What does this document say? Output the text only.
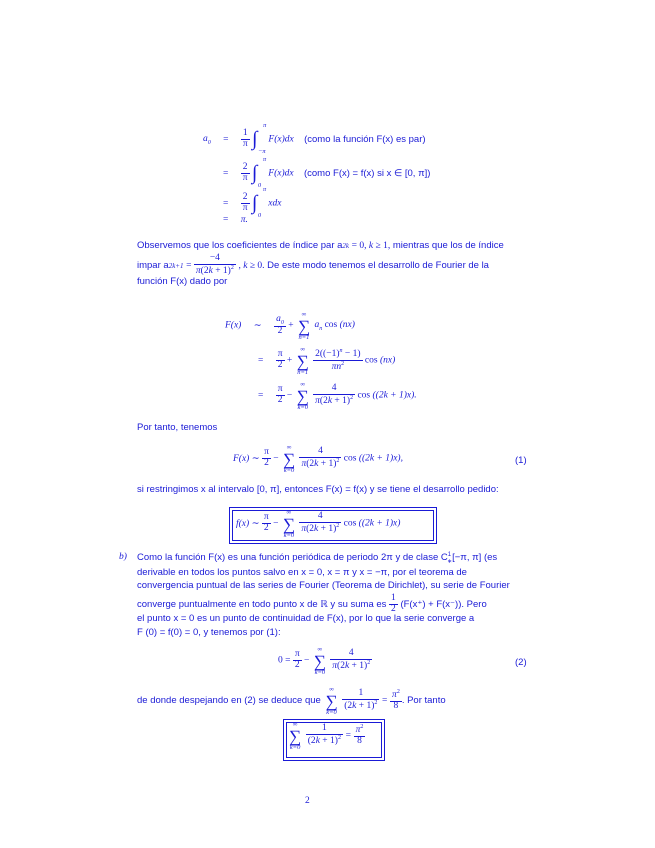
$a_0 = \frac{1}{\pi}$ ∫
π
−π
F(x)dx (como la función F(x) es par)
= $\frac{2}{\pi}$ ∫
π
0
F(x)dx (como F(x) = f(x) si x ∈ [0, π])
= $\frac{2}{\pi}$ ∫
π
0
xdx
= π.
Observemos que los coeficientes de índice par a2k = 0, k ≥ 1, mientras que los de índice
impar $a2k+1 = \frac{-4}{\pi(2k + 1)^2}$ , k ≥ 0. De este modo tenemos el desarrollo de Fourier de la
función F(x) dado por
F(x) ∼ $\frac{a_0}{2}$ + ∞
∑
n=1
$a_n$ cos (nx)
= $\frac{\pi}{2}$ + ∞
∑
n=1
$\frac{2((-1)^n - 1)}{\pi n^2}$ cos (nx)
= $\frac{\pi}{2}$ − ∞
∑
k=0

$\frac{4}{\pi(2k + 1)^2}$ cos ((2k + 1)x).
Por tanto, tenemos
F(x) ∼ $\frac{\pi}{2}$ − ∞
∑
k=0

$\frac{4}{\pi(2k + 1)^2}$ cos ((2k + 1)x),	(1)
si restringimos x al intervalo [0, π], entonces F(x) = f(x) y se tiene el desarrollo pedido:
f(x) ∼ $\frac{\pi}{2}$ − ∞
∑
k=0

$\frac{4}{\pi(2k + 1)^2}$ cos ((2k + 1)x)
b) Como la función F(x) es una función periódica de periodo 2π y de clase $C^1_∗[-\pi$, π] (es
derivable en todos los puntos salvo en x = 0, x = π y x = −π, por el teorema de
convergencia puntual de las series de Fourier (Teorema de Dirichlet), su serie de Fourier
converge puntualmente en todo punto x de ℝ y su suma es $\frac{1}{2} (F(x^+) + F(x^-))$. Pero
el punto x = 0 es un punto de continuidad de F(x), por lo que la serie converge a
F (0) = f(0) = 0, y tenemos por (1):
$0 = \frac{\pi}{2}$ − ∞
∑
k=0

$\frac{4}{\pi(2k + 1)^2}$	(2)
de donde despejando en (2) se deduce que ∞
∑
k=0

$\frac{1}{(2k + 1)^2} = \frac{\pi^2}{8}$ . Por tanto
∞
∑
k=0

$\frac{1}{(2k + 1)^2} = \frac{\pi^2}{8}$
2
